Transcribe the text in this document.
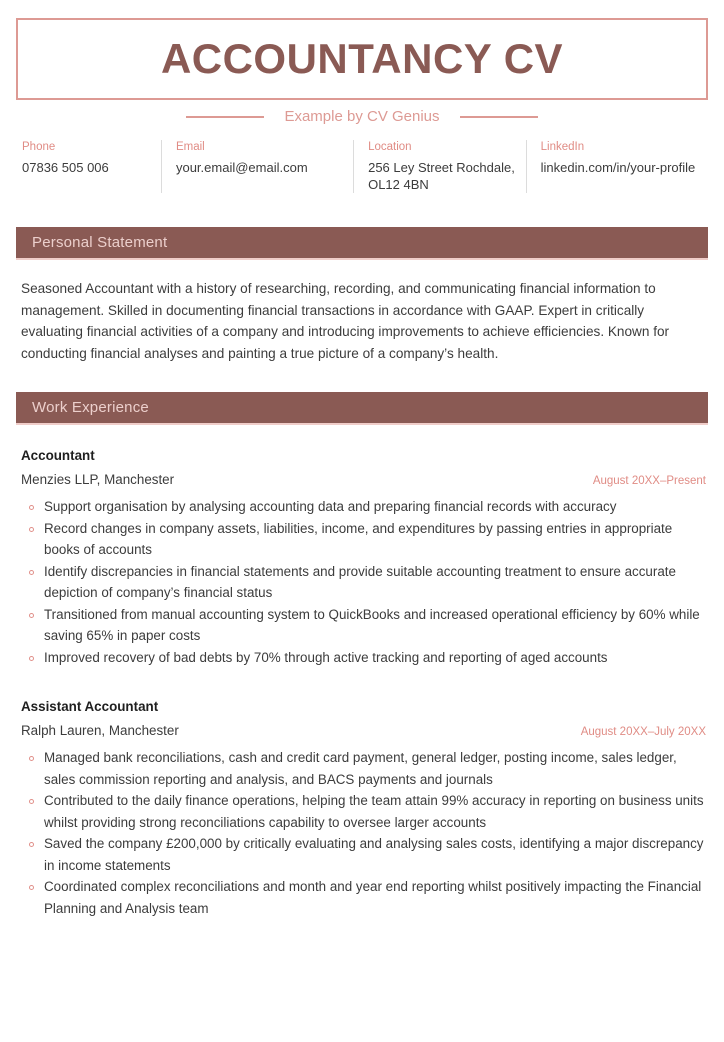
ACCOUNTANCY CV
Example by CV Genius
Phone
07836 505 006
Email
your.email@email.com
Location
256 Ley Street Rochdale, OL12 4BN
LinkedIn
linkedin.com/in/your-profile
Personal Statement
Seasoned Accountant with a history of researching, recording, and communicating financial information to management. Skilled in documenting financial transactions in accordance with GAAP. Expert in critically evaluating financial activities of a company and introducing improvements to achieve efficiencies. Known for conducting financial analyses and painting a true picture of a company’s health.
Work Experience
Accountant
Menzies LLP, Manchester	August 20XX–Present
Support organisation by analysing accounting data and preparing financial records with accuracy
Record changes in company assets, liabilities, income, and expenditures by passing entries in appropriate books of accounts
Identify discrepancies in financial statements and provide suitable accounting treatment to ensure accurate depiction of company’s financial status
Transitioned from manual accounting system to QuickBooks and increased operational efficiency by 60% while saving 65% in paper costs
Improved recovery of bad debts by 70% through active tracking and reporting of aged accounts
Assistant Accountant
Ralph Lauren, Manchester	August 20XX–July 20XX
Managed bank reconciliations, cash and credit card payment, general ledger, posting income, sales ledger, sales commission reporting and analysis, and BACS payments and journals
Contributed to the daily finance operations, helping the team attain 99% accuracy in reporting on business units whilst providing strong reconciliations capability to oversee larger accounts
Saved the company £200,000 by critically evaluating and analysing sales costs, identifying a major discrepancy in income statements
Coordinated complex reconciliations and month and year end reporting whilst positively impacting the Financial Planning and Analysis team
